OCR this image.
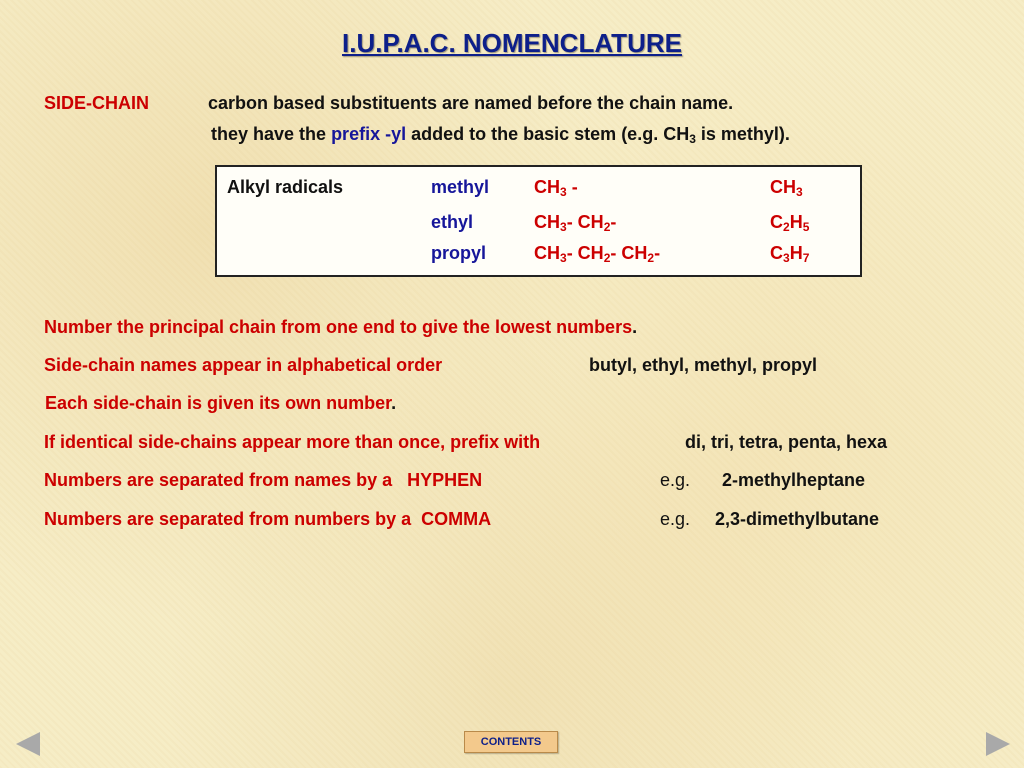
I.U.P.A.C. NOMENCLATURE
SIDE-CHAIN	carbon based substituents are named before the chain name.
they have the prefix -yl added to the basic stem (e.g. $CH_3$ is methyl).
Alkyl radicals	methyl $CH_3$ -	$CH_3$
ethyl	$CH_3-$ $CH_2-$	$C_2H_5$
propyl	$CH_3-$ $CH_2-$ $CH_2-$	$C_3H_7$
Number the principal chain from one end to give the lowest numbers.
Side-chain names appear in alphabetical order	butyl, ethyl, methyl, propyl
Each side-chain is given its own number.
If identical side-chains appear more than once, prefix with	di, tri, tetra, penta, hexa
Numbers are separated from names by a   HYPHEN	e.g. 2-methylheptane
Numbers are separated from numbers by a  COMMA	e.g. 2,3-dimethylbutane
CONTENTS
